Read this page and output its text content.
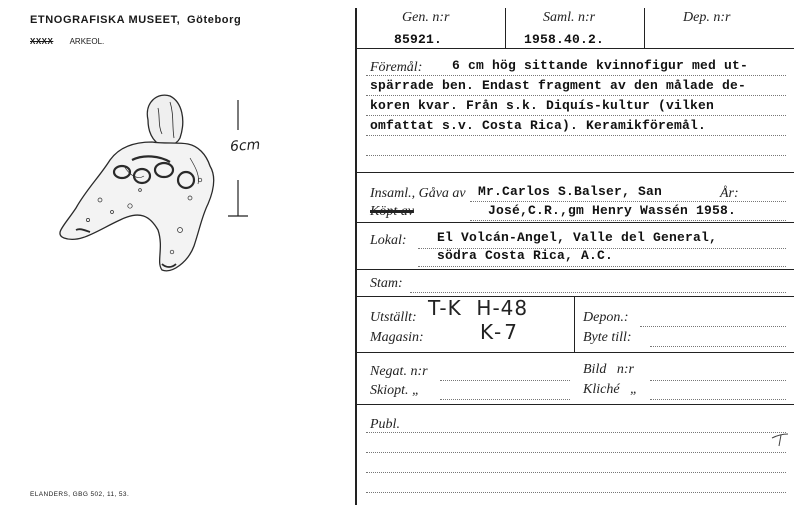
ETNOGRAFISKA MUSEET, Göteborg
XXXX ARKEOL.
6cm
ELANDERS, GBG 502, 11, 53.
Gen. n:r	Saml. n:r	Dep. n:r
85921.	1958.40.2.
Föremål: 6 cm hög sittande kvinnofigur med ut-
spärrade ben. Endast fragment av den målade de-
koren kvar. Från s.k. Diquís-kultur (vilken
omfattat s.v. Costa Rica). Keramikföremål.
Insaml., Gåva av Mr.Carlos S.Balser, San	År:
Köpt av	José,C.R.,gm Henry Wassén 1958.
Lokal: El Volcán-Angel, Valle del General,
södra Costa Rica, A.C.
Stam:
Utställt: T-K  H-48
Magasin:	K-7
Depon.:
Byte till:
Negat. n:r	Bild   n:r
Skiopt. „	Kliché   „
Publ.
